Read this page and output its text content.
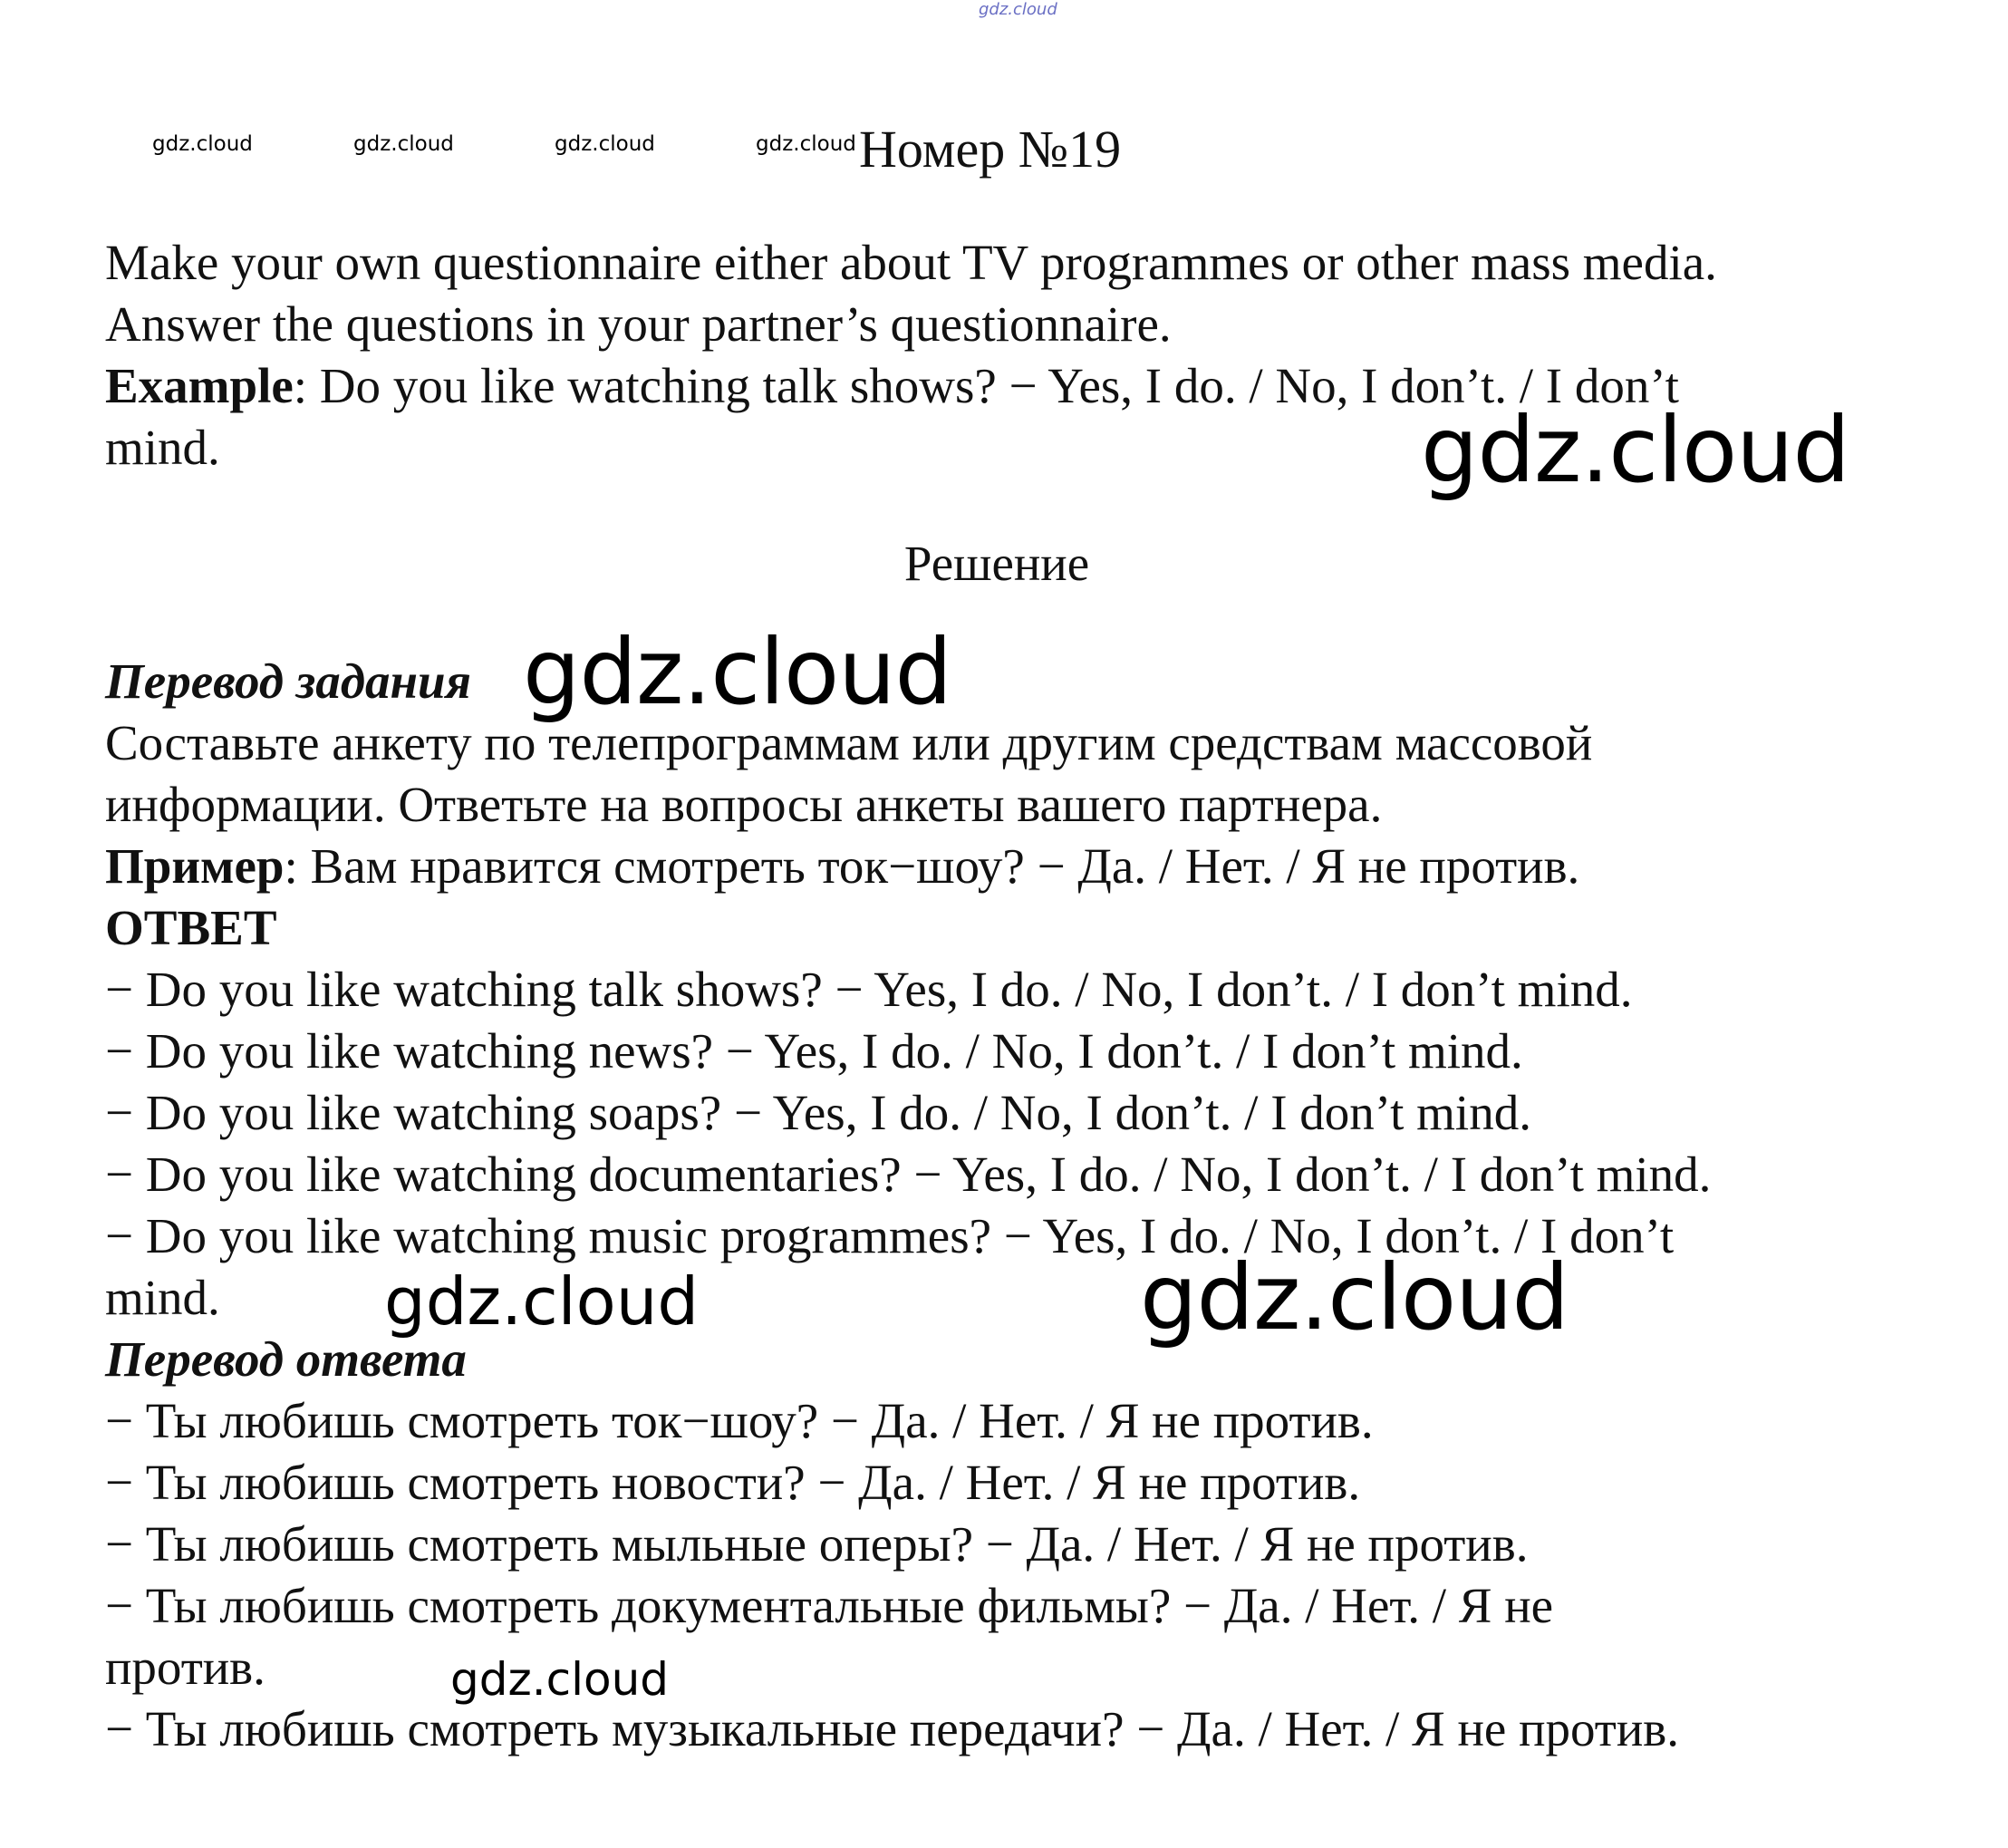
gdz.cloud
gdz.cloud	gdz.cloud	gdz.cloud	gdz.cloud Номер №19

Make your own questionnaire either about TV programmes or other mass media.

Answer the questions in your partner’s questionnaire.

Example: Do you like watching talk shows? − Yes, I do. / No, I don’t. / I don’t

mind.	gdz.cloud
Решение

Перевод задания

Составьте анкету по телепрограммам или другим средствам массовой

информации. Ответьте на вопросы анкеты вашего партнера.

Пример: Вам нравится смотреть ток−шоу? − Да. / Нет. / Я не против.

ОТВЕТ

− Do you like watching talk shows? − Yes, I do. / No, I don’t. / I don’t mind.

− Do you like watching news? − Yes, I do. / No, I don’t. / I don’t mind.

− Do you like watching soaps? − Yes, I do. / No, I don’t. / I don’t mind.

− Do you like watching documentaries? − Yes, I do. / No, I don’t. / I don’t mind.

− Do you like watching music programmes? − Yes, I do. / No, I don’t. / I don’t

mind.

Перевод ответа

− Ты любишь смотреть ток−шоу? − Да. / Нет. / Я не против.

− Ты любишь смотреть новости? − Да. / Нет. / Я не против.

− Ты любишь смотреть мыльные оперы? − Да. / Нет. / Я не против.

− Ты любишь смотреть документальные фильмы? − Да. / Нет. / Я не

против.

− Ты любишь смотреть музыкальные передачи? − Да. / Нет. / Я не против.

gdz.cloud
gdz.cloud	gdz.cloud
gdz.cloud
